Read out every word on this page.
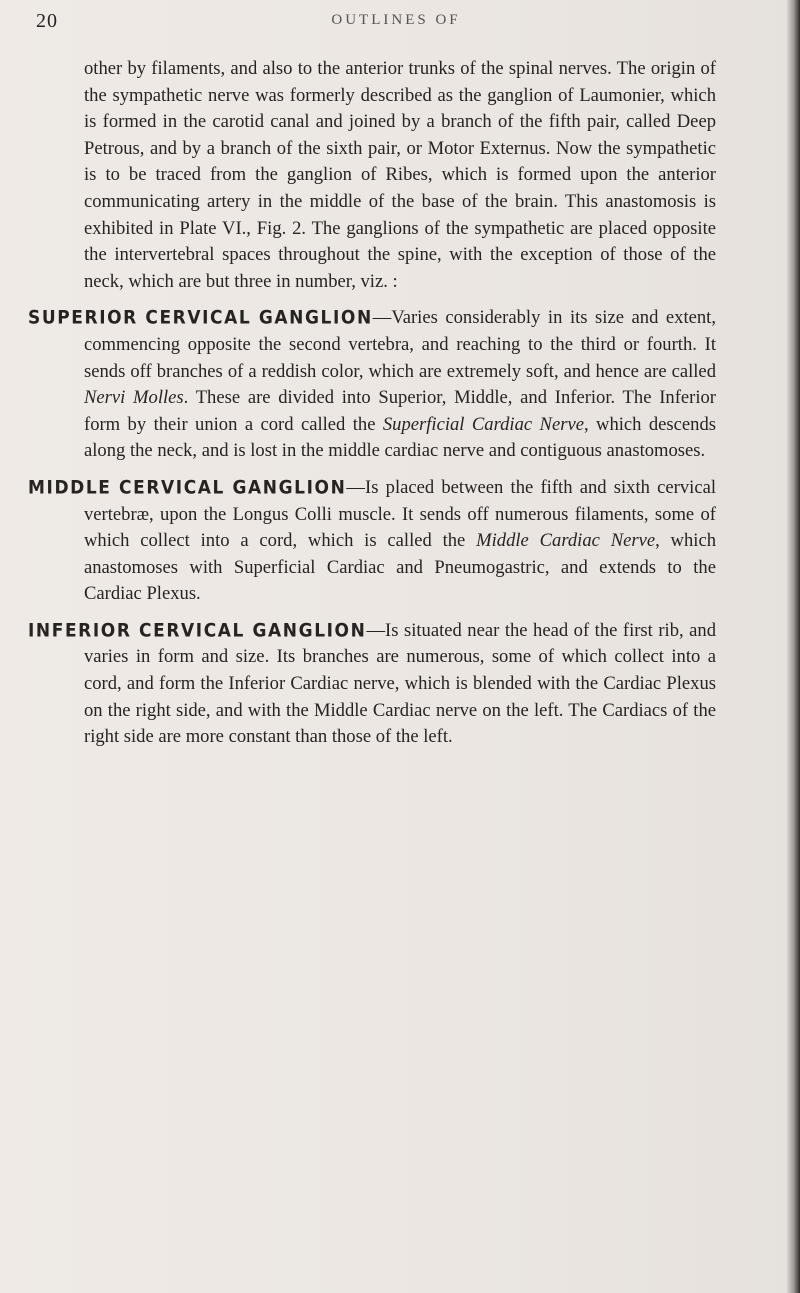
20	OUTLINES OF

other by filaments, and also to the anterior trunks of the spinal nerves. The origin of the sympathetic nerve was formerly described as the ganglion of Laumonier, which is formed in the carotid canal and joined by a branch of the fifth pair, called Deep Petrous, and by a branch of the sixth pair, or Motor Externus. Now the sympathetic is to be traced from the ganglion of Ribes, which is formed upon the anterior communicating artery in the middle of the base of the brain. This anastomosis is exhibited in Plate VI., Fig. 2. The ganglions of the sympathetic are placed opposite the intervertebral spaces throughout the spine, with the exception of those of the neck, which are but three in number, viz. :

SUPERIOR CERVICAL GANGLION—Varies considerably in its size and extent, commencing opposite the second vertebra, and reaching to the third or fourth. It sends off branches of a reddish color, which are extremely soft, and hence are called Nervi Molles. These are divided into Superior, Middle, and Inferior. The Inferior form by their union a cord called the Superficial Cardiac Nerve, which descends along the neck, and is lost in the middle cardiac nerve and contiguous anastomoses.

MIDDLE CERVICAL GANGLION—Is placed between the fifth and sixth cervical vertebræ, upon the Longus Colli muscle. It sends off numerous filaments, some of which collect into a cord, which is called the Middle Cardiac Nerve, which anastomoses with Superficial Cardiac and Pneumogastric, and extends to the Cardiac Plexus.

INFERIOR CERVICAL GANGLION—Is situated near the head of the first rib, and varies in form and size. Its branches are numerous, some of which collect into a cord, and form the Inferior Cardiac nerve, which is blended with the Cardiac Plexus on the right side, and with the Middle Cardiac nerve on the left. The Cardiacs of the right side are more constant than those of the left.
